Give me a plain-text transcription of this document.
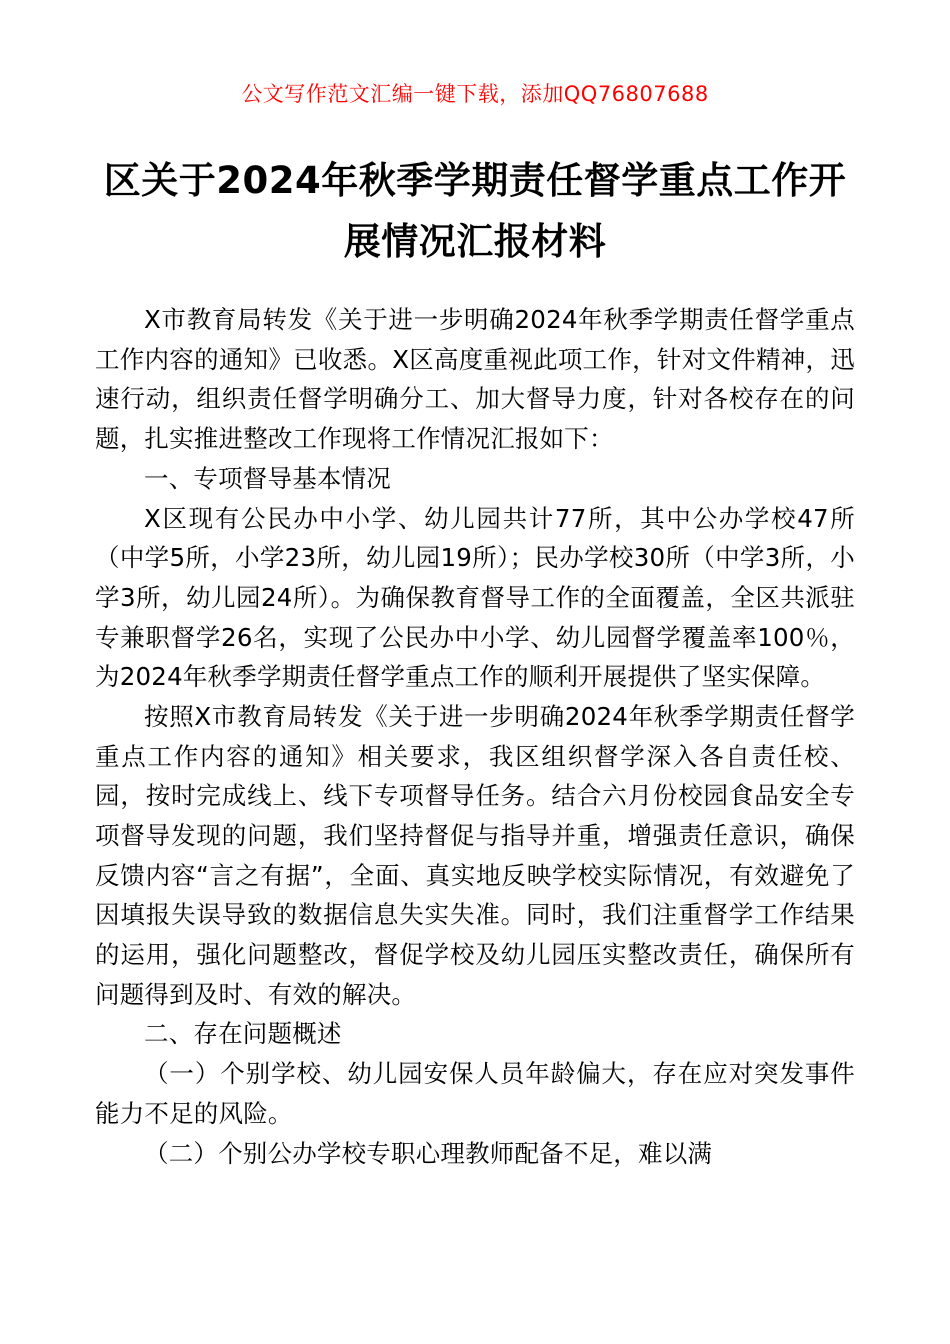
公文写作范文汇编一键下载，添加QQ76807688
区关于2024年秋季学期责任督学重点工作开展情况汇报材料

X市教育局转发《关于进一步明确2024年秋季学期责任督学重点工作内容的通知》已收悉。X区高度重视此项工作，针对文件精神，迅速行动，组织责任督学明确分工、加大督导力度，针对各校存在的问题，扎实推进整改工作现将工作情况汇报如下：

一、专项督导基本情况

X区现有公民办中小学、幼儿园共计77所，其中公办学校47所（中学5所，小学23所，幼儿园19所）；民办学校30所（中学3所，小学3所，幼儿园24所）。为确保教育督导工作的全面覆盖，全区共派驻专兼职督学26名，实现了公民办中小学、幼儿园督学覆盖率100％，为2024年秋季学期责任督学重点工作的顺利开展提供了坚实保障。

按照X市教育局转发《关于进一步明确2024年秋季学期责任督学重点工作内容的通知》相关要求，我区组织督学深入各自责任校、园，按时完成线上、线下专项督导任务。结合六月份校园食品安全专项督导发现的问题，我们坚持督促与指导并重，增强责任意识，确保反馈内容“言之有据”，全面、真实地反映学校实际情况，有效避免了因填报失误导致的数据信息失实失准。同时，我们注重督学工作结果的运用，强化问题整改，督促学校及幼儿园压实整改责任，确保所有问题得到及时、有效的解决。

二、存在问题概述

（一）个别学校、幼儿园安保人员年龄偏大，存在应对突发事件能力不足的风险。

（二）个别公办学校专职心理教师配备不足，难以满
